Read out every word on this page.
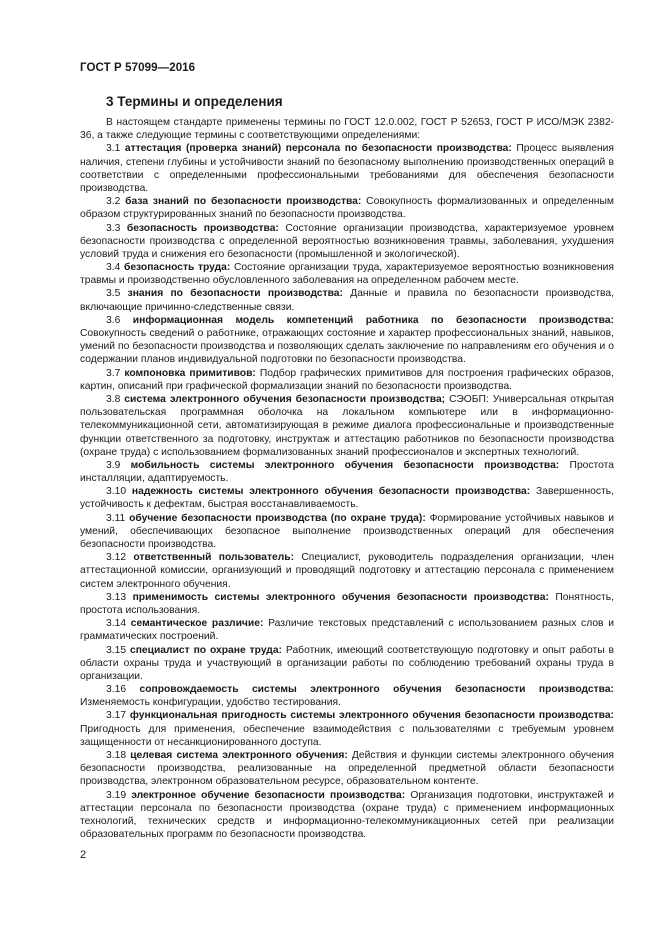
ГОСТ Р 57099—2016
3 Термины и определения

В настоящем стандарте применены термины по ГОСТ 12.0.002, ГОСТ Р 52653, ГОСТ Р ИСО/МЭК 2382-36, а также следующие термины с соответствующими определениями:

3.1 аттестация (проверка знаний) персонала по безопасности производства: Процесс выявления наличия, степени глубины и устойчивости знаний по безопасному выполнению производственных операций в соответствии с определенными профессиональными требованиями для обеспечения безопасности производства.

3.2 база знаний по безопасности производства: Совокупность формализованных и определенным образом структурированных знаний по безопасности производства.

3.3 безопасность производства: Состояние организации производства, характеризуемое уровнем безопасности производства с определенной вероятностью возникновения травмы, заболевания, ухудшения условий труда и снижения его безопасности (промышленной и экологической).

3.4 безопасность труда: Состояние организации труда, характеризуемое вероятностью возникновения травмы и производственно обусловленного заболевания на определенном рабочем месте.

3.5 знания по безопасности производства: Данные и правила по безопасности производства, включающие причинно-следственные связи.

3.6 информационная модель компетенций работника по безопасности производства: Совокупность сведений о работнике, отражающих состояние и характер профессиональных знаний, навыков, умений по безопасности производства и позволяющих сделать заключение по направлениям его обучения и о содержании планов индивидуальной подготовки по безопасности производства.

3.7 компоновка примитивов: Подбор графических примитивов для построения графических образов, картин, описаний при графической формализации знаний по безопасности производства.

3.8 система электронного обучения безопасности производства; СЭОБП: Универсальная открытая пользовательская программная оболочка на локальном компьютере или в информационно-телекоммуникационной сети, автоматизирующая в режиме диалога профессиональные и производственные функции ответственного за подготовку, инструктаж и аттестацию работников по безопасности производства (охране труда) с использованием формализованных знаний профессионалов и экспертных технологий.

3.9 мобильность системы электронного обучения безопасности производства: Простота инсталляции, адаптируемость.

3.10 надежность системы электронного обучения безопасности производства: Завершенность, устойчивость к дефектам, быстрая восстанавливаемость.

3.11 обучение безопасности производства (по охране труда): Формирование устойчивых навыков и умений, обеспечивающих безопасное выполнение производственных операций для обеспечения безопасности производства.

3.12 ответственный пользователь: Специалист, руководитель подразделения организации, член аттестационной комиссии, организующий и проводящий подготовку и аттестацию персонала с применением систем электронного обучения.

3.13 применимость системы электронного обучения безопасности производства: Понятность, простота использования.

3.14 семантическое различие: Различие текстовых представлений с использованием разных слов и грамматических построений.

3.15 специалист по охране труда: Работник, имеющий соответствующую подготовку и опыт работы в области охраны труда и участвующий в организации работы по соблюдению требований охраны труда в организации.

3.16 сопровождаемость системы электронного обучения безопасности производства: Изменяемость конфигурации, удобство тестирования.

3.17 функциональная пригодность системы электронного обучения безопасности производства: Пригодность для применения, обеспечение взаимодействия с пользователями с требуемым уровнем защищенности от несанкционированного доступа.

3.18 целевая система электронного обучения: Действия и функции системы электронного обучения безопасности производства, реализованные на определенной предметной области безопасности производства, электронном образовательном ресурсе, образовательном контенте.

3.19 электронное обучение безопасности производства: Организация подготовки, инструктажей и аттестации персонала по безопасности производства (охране труда) с применением информационных технологий, технических средств и информационно-телекоммуникационных сетей при реализации образовательных программ по безопасности производства.

2
